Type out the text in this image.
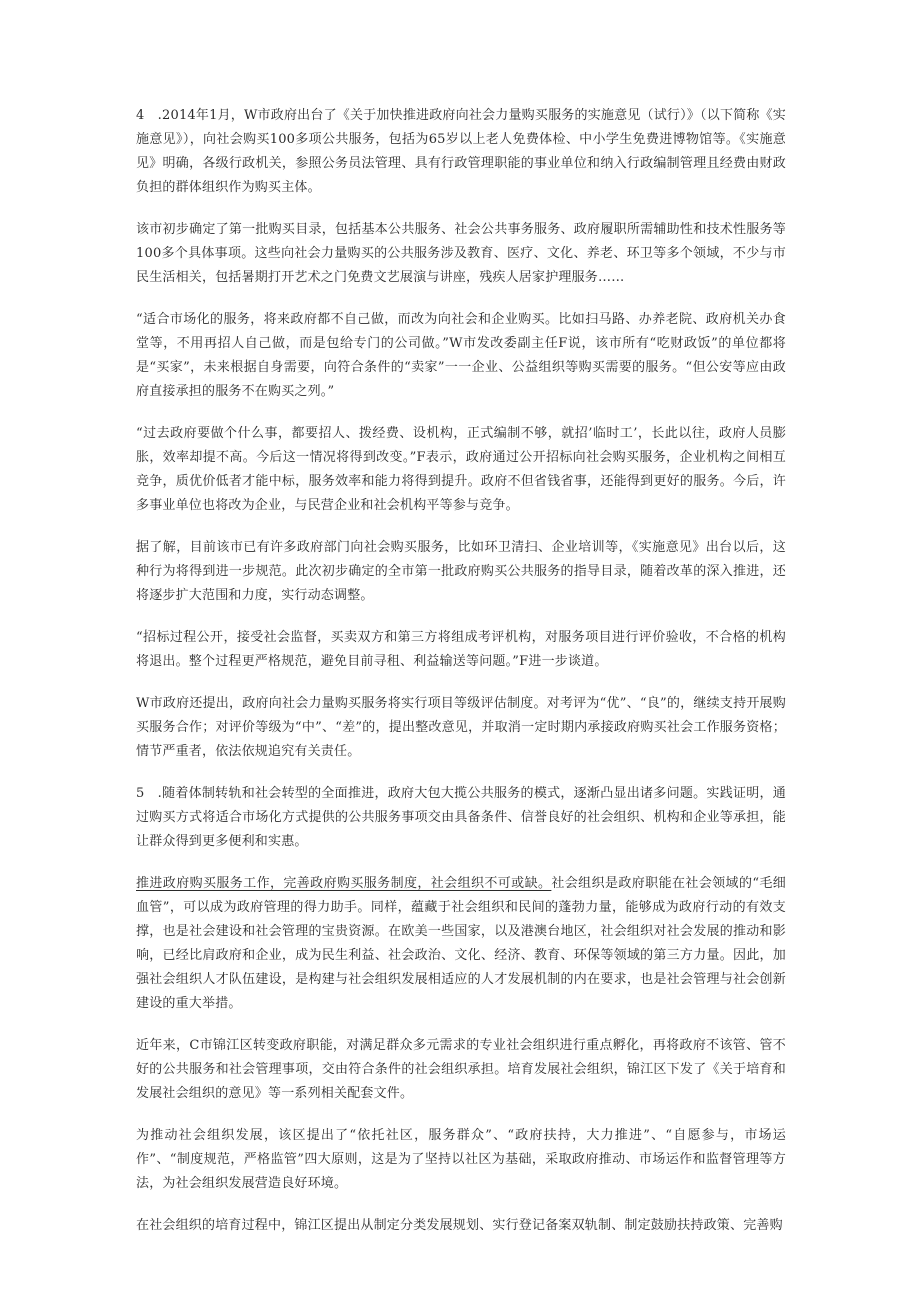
4 .2014年1月，W市政府出台了《关于加快推进政府向社会力量购买服务的实施意见（试行）》（以下简称《实施意见》），向社会购买100多项公共服务，包括为65岁以上老人免费体检、中小学生免费进博物馆等。《实施意见》明确，各级行政机关，参照公务员法管理、具有行政管理职能的事业单位和纳入行政编制管理且经费由财政负担的群体组织作为购买主体。

该市初步确定了第一批购买目录，包括基本公共服务、社会公共事务服务、政府履职所需辅助性和技术性服务等100多个具体事项。这些向社会力量购买的公共服务涉及教育、医疗、文化、养老、环卫等多个领域，不少与市民生活相关，包括暑期打开艺术之门免费文艺展演与讲座，残疾人居家护理服务……

“适合市场化的服务，将来政府都不自己做，而改为向社会和企业购买。比如扫马路、办养老院、政府机关办食堂等，不用再招人自己做，而是包给专门的公司做。”W市发改委副主任F说，该市所有“吃财政饭”的单位都将是“买家”，未来根据自身需要，向符合条件的“卖家”一一企业、公益组织等购买需要的服务。“但公安等应由政府直接承担的服务不在购买之列。”

“过去政府要做个什么事，都要招人、拨经费、设机构，正式编制不够，就招’临时工’，长此以往，政府人员膨胀，效率却提不高。今后这一情况将得到改变。”F表示，政府通过公开招标向社会购买服务，企业机构之间相互竞争，质优价低者才能中标，服务效率和能力将得到提升。政府不但省钱省事，还能得到更好的服务。今后，许多事业单位也将改为企业，与民营企业和社会机构平等参与竞争。

据了解，目前该市已有许多政府部门向社会购买服务，比如环卫清扫、企业培训等，《实施意见》出台以后，这种行为将得到进一步规范。此次初步确定的全市第一批政府购买公共服务的指导目录，随着改革的深入推进，还将逐步扩大范围和力度，实行动态调整。

“招标过程公开，接受社会监督，买卖双方和第三方将组成考评机构，对服务项目进行评价验收，不合格的机构将退出。整个过程更严格规范，避免目前寻租、利益输送等问题。”F进一步谈道。

W市政府还提出，政府向社会力量购买服务将实行项目等级评估制度。对考评为“优”、“良”的，继续支持开展购买服务合作；对评价等级为“中”、“差”的，提出整改意见，并取消一定时期内承接政府购买社会工作服务资格；情节严重者，依法依规追究有关责任。

5 .随着体制转轨和社会转型的全面推进，政府大包大揽公共服务的模式，逐渐凸显出诸多问题。实践证明，通过购买方式将适合市场化方式提供的公共服务事项交由具备条件、信誉良好的社会组织、机构和企业等承担，能让群众得到更多便利和实惠。

推进政府购买服务工作，完善政府购买服务制度，社会组织不可或缺。社会组织是政府职能在社会领域的“毛细血管”，可以成为政府管理的得力助手。同样，蕴藏于社会组织和民间的蓬勃力量，能够成为政府行动的有效支撑，也是社会建设和社会管理的宝贵资源。在欧美一些国家，以及港澳台地区，社会组织对社会发展的推动和影响，已经比肩政府和企业，成为民生利益、社会政治、文化、经济、教育、环保等领域的第三方力量。因此，加强社会组织人才队伍建设，是构建与社会组织发展相适应的人才发展机制的内在要求，也是社会管理与社会创新建设的重大举措。

近年来，C市锦江区转变政府职能，对满足群众多元需求的专业社会组织进行重点孵化，再将政府不该管、管不好的公共服务和社会管理事项，交由符合条件的社会组织承担。培育发展社会组织，锦江区下发了《关于培育和发展社会组织的意见》等一系列相关配套文件。

为推动社会组织发展，该区提出了“依托社区，服务群众”、“政府扶持，大力推进”、“自愿参与，市场运作”、“制度规范，严格监管”四大原则，这是为了坚持以社区为基础，采取政府推动、市场运作和监督管理等方法，为社会组织发展营造良好环境。

在社会组织的培育过程中，锦江区提出从制定分类发展规划、实行登记备案双轨制、制定鼓励扶持政策、完善购
